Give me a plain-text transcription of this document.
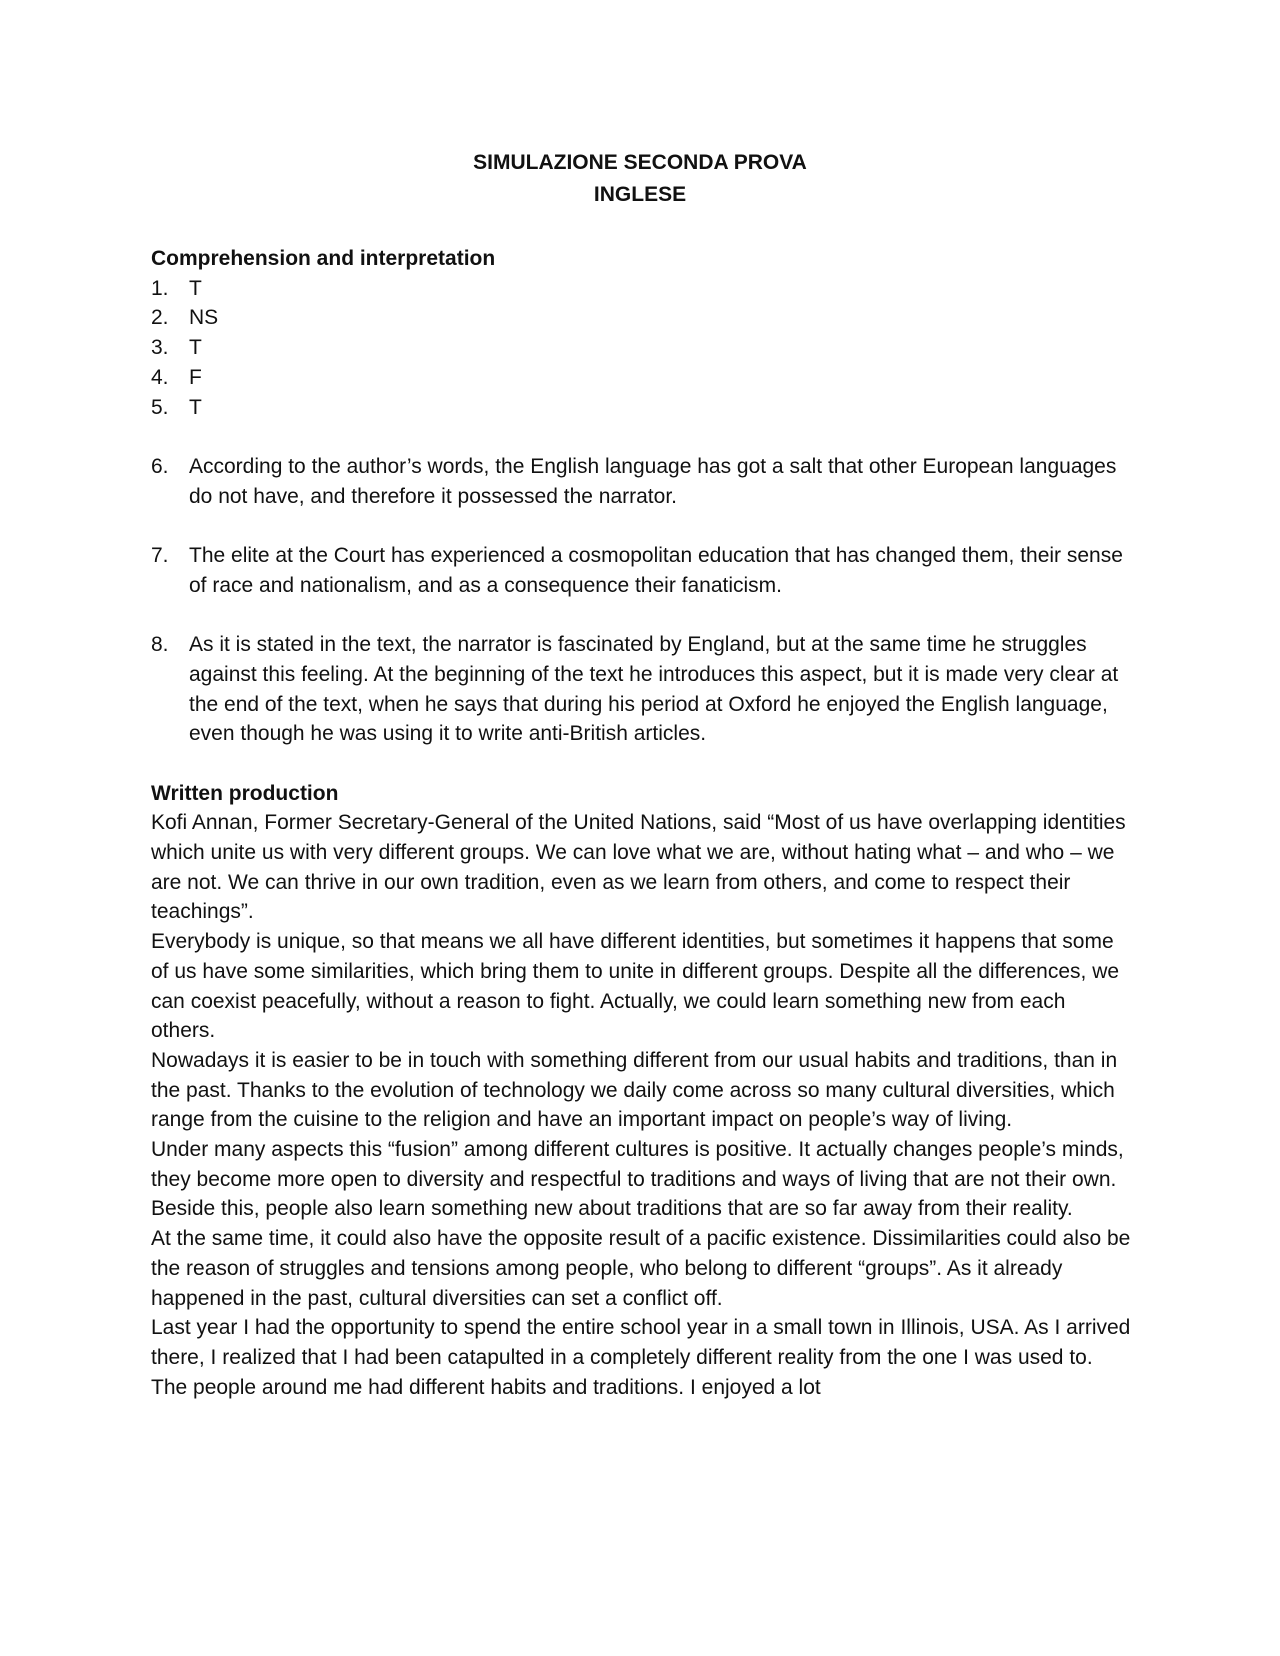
SIMULAZIONE SECONDA PROVA
INGLESE
Comprehension and interpretation
1. T
2. NS
3. T
4. F
5. T
6. According to the author’s words, the English language has got a salt that other European languages do not have, and therefore it possessed the narrator.
7. The elite at the Court has experienced a cosmopolitan education that has changed them, their sense of race and nationalism, and as a consequence their fanaticism.
8. As it is stated in the text, the narrator is fascinated by England, but at the same time he struggles against this feeling. At the beginning of the text he introduces this aspect, but it is made very clear at the end of the text, when he says that during his period at Oxford he enjoyed the English language, even though he was using it to write anti-British articles.
Written production

Kofi Annan, Former Secretary-General of the United Nations, said “Most of us have overlapping identities which unite us with very different groups. We can love what we are, without hating what – and who – we are not. We can thrive in our own tradition, even as we learn from others, and come to respect their teachings”.

Everybody is unique, so that means we all have different identities, but sometimes it happens that some of us have some similarities, which bring them to unite in different groups. Despite all the differences, we can coexist peacefully, without a reason to fight. Actually, we could learn something new from each others.

Nowadays it is easier to be in touch with something different from our usual habits and traditions, than in the past. Thanks to the evolution of technology we daily come across so many cultural diversities, which range from the cuisine to the religion and have an important impact on people’s way of living.

Under many aspects this “fusion” among different cultures is positive. It actually changes people’s minds, they become more open to diversity and respectful to traditions and ways of living that are not their own. Beside this, people also learn something new about traditions that are so far away from their reality.

At the same time, it could also have the opposite result of a pacific existence. Dissimilarities could also be the reason of struggles and tensions among people, who belong to different “groups”. As it already happened in the past, cultural diversities can set a conflict off.

Last year I had the opportunity to spend the entire school year in a small town in Illinois, USA. As I arrived there, I realized that I had been catapulted in a completely different reality from the one I was used to. The people around me had different habits and traditions. I enjoyed a lot
